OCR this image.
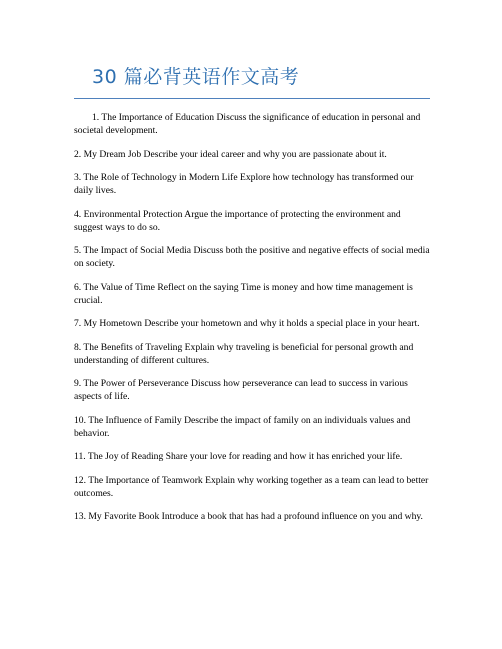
30 篇必背英语作文高考

1. The Importance of Education Discuss the significance of education in personal and societal development.

2. My Dream Job Describe your ideal career and why you are passionate about it.

3. The Role of Technology in Modern Life Explore how technology has transformed our daily lives.

4. Environmental Protection Argue the importance of protecting the environment and suggest ways to do so.

5. The Impact of Social Media Discuss both the positive and negative effects of social media on society.

6. The Value of Time Reflect on the saying Time is money and how time management is crucial.

7. My Hometown Describe your hometown and why it holds a special place in your heart.

8. The Benefits of Traveling Explain why traveling is beneficial for personal growth and understanding of different cultures.

9. The Power of Perseverance Discuss how perseverance can lead to success in various aspects of life.

10. The Influence of Family Describe the impact of family on an individuals values and behavior.

11. The Joy of Reading Share your love for reading and how it has enriched your life.

12. The Importance of Teamwork Explain why working together as a team can lead to better outcomes.

13. My Favorite Book Introduce a book that has had a profound influence on you and why.
